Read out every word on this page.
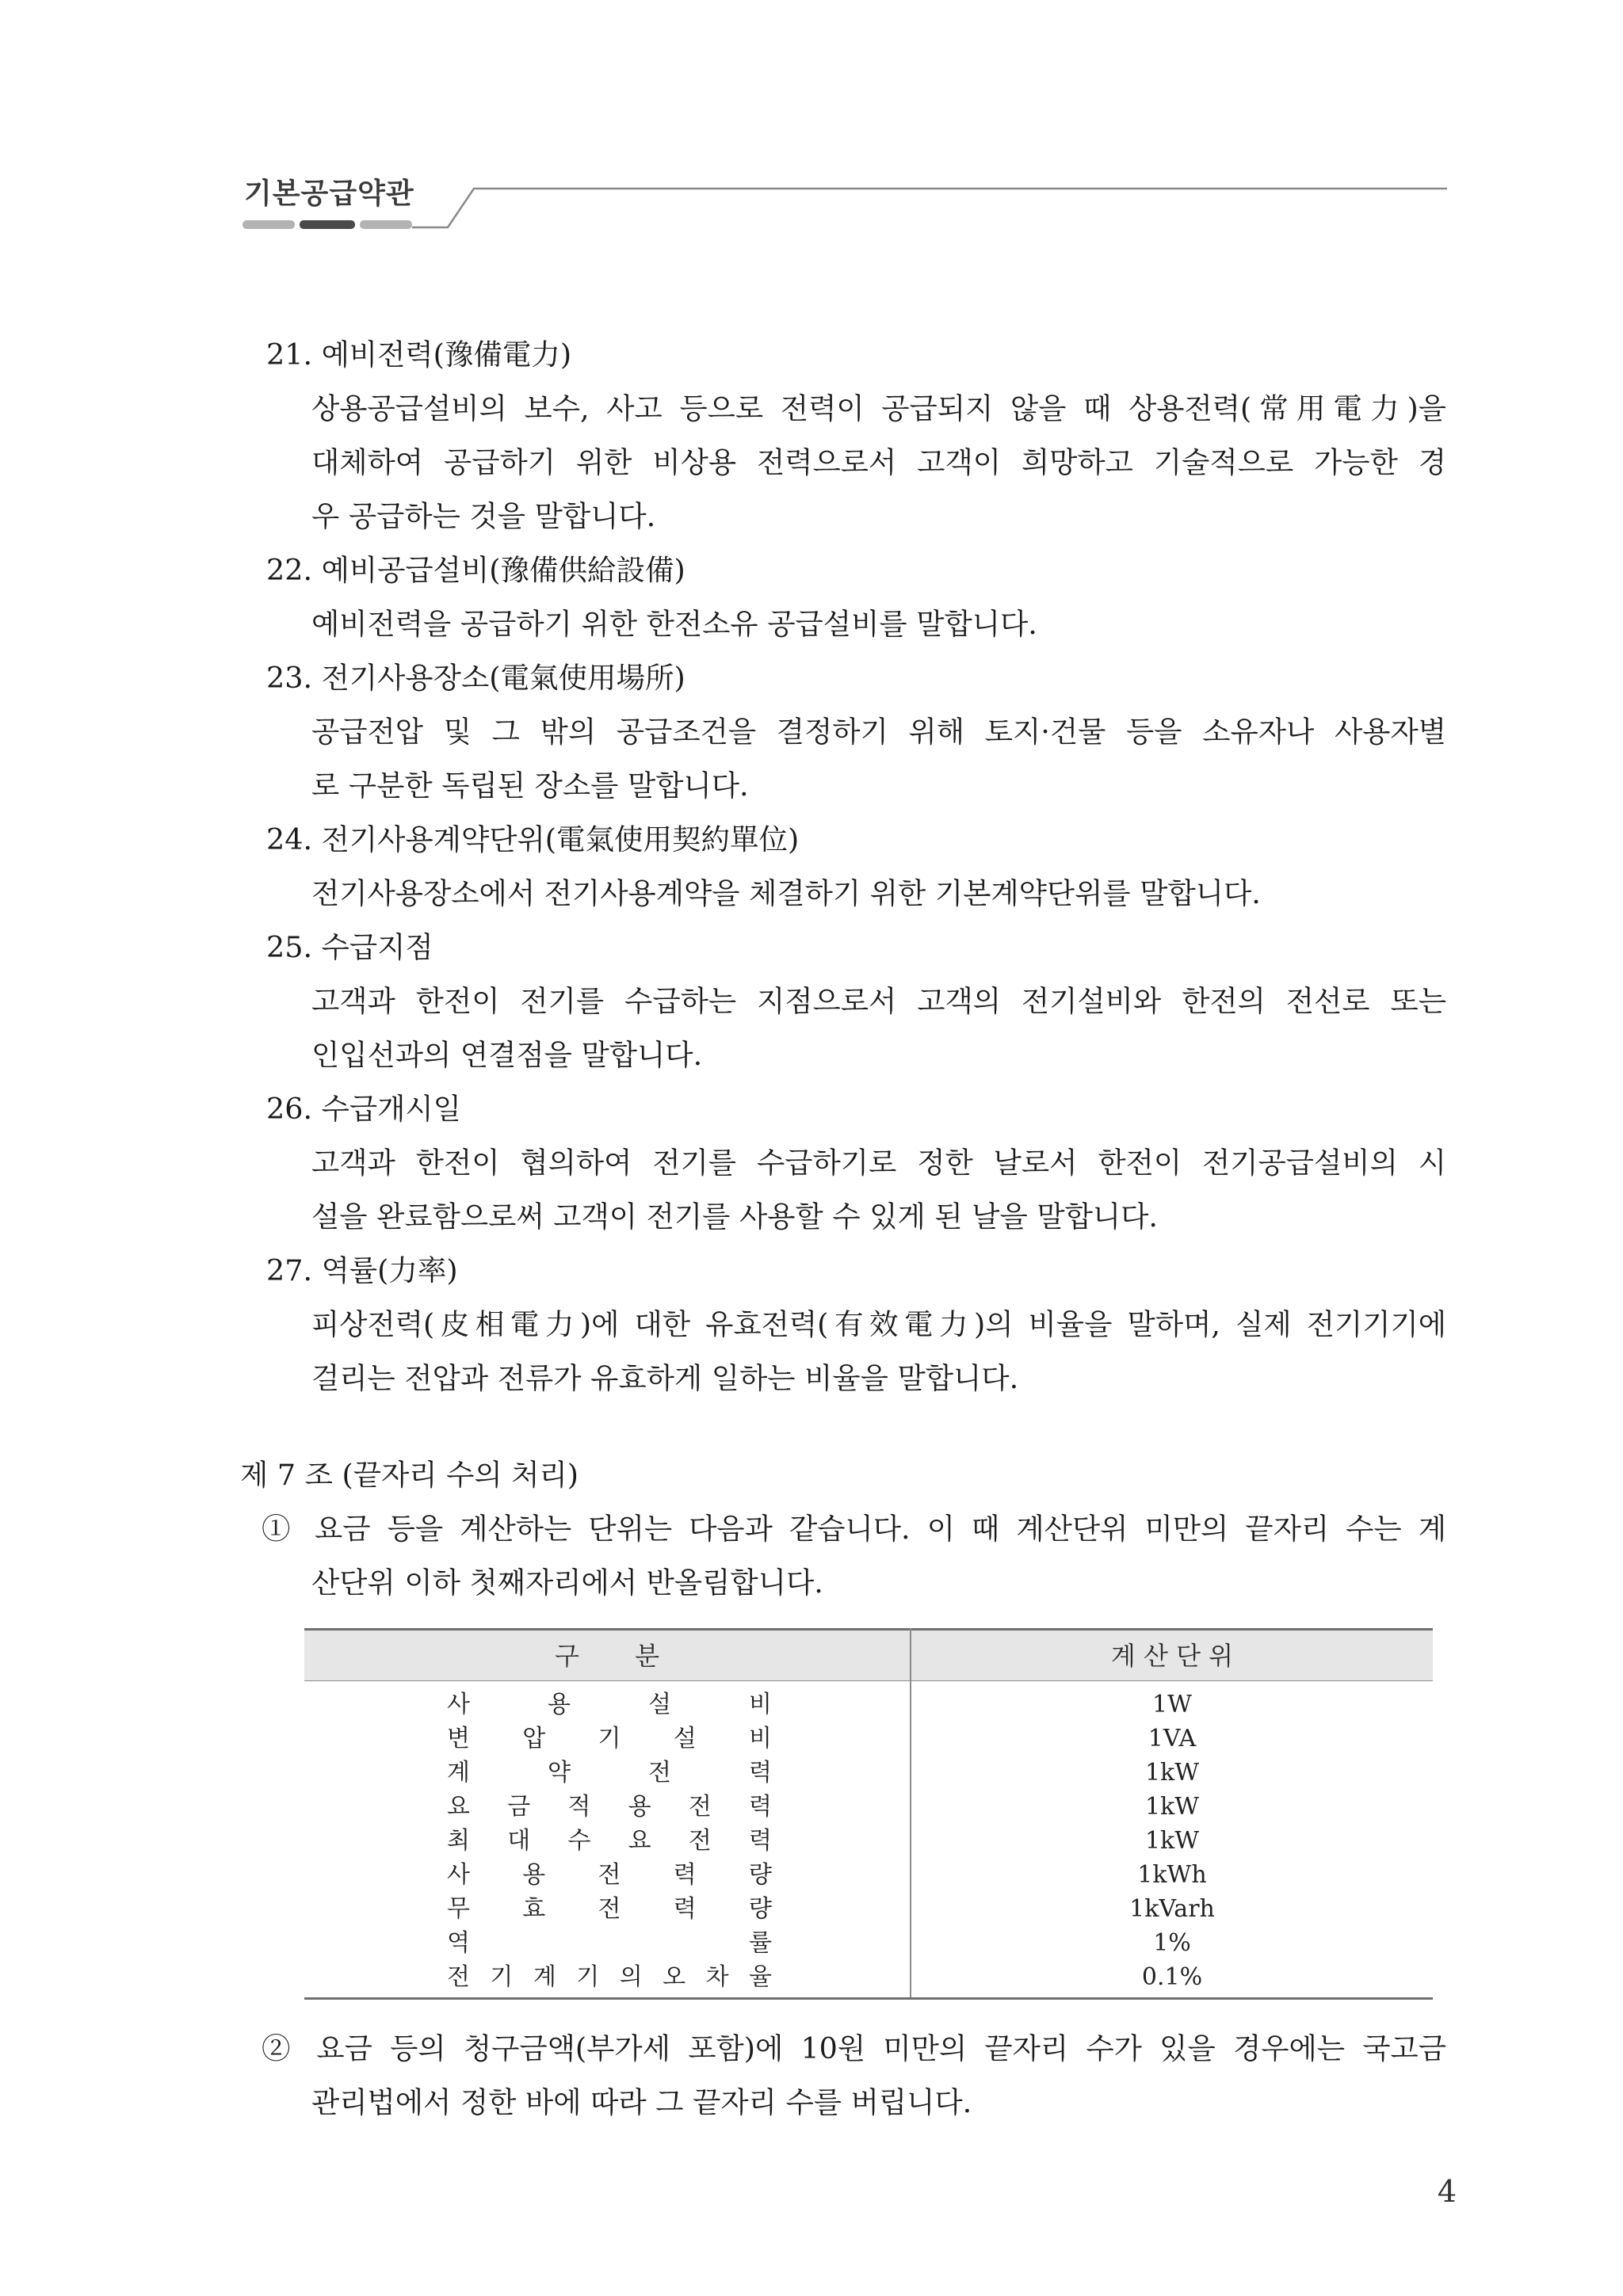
기본공급약관
21. 예비전력(豫備電力)
상용공급설비의 보수, 사고 등으로 전력이 공급되지 않을 때 상용전력(常用電力)을
대체하여 공급하기 위한 비상용 전력으로서 고객이 희망하고 기술적으로 가능한 경
우 공급하는 것을 말합니다.
22. 예비공급설비(豫備供給設備)
예비전력을 공급하기 위한 한전소유 공급설비를 말합니다.
23. 전기사용장소(電氣使用場所)
공급전압 및 그 밖의 공급조건을 결정하기 위해 토지·건물 등을 소유자나 사용자별
로 구분한 독립된 장소를 말합니다.
24. 전기사용계약단위(電氣使用契約單位)
전기사용장소에서 전기사용계약을 체결하기 위한 기본계약단위를 말합니다.
25. 수급지점
고객과 한전이 전기를 수급하는 지점으로서 고객의 전기설비와 한전의 전선로 또는
인입선과의 연결점을 말합니다.
26. 수급개시일
고객과 한전이 협의하여 전기를 수급하기로 정한 날로서 한전이 전기공급설비의 시
설을 완료함으로써 고객이 전기를 사용할 수 있게 된 날을 말합니다.
27. 역률(力率)
피상전력(皮相電力)에 대한 유효전력(有效電力)의 비율을 말하며, 실제 전기기기에
걸리는 전압과 전류가 유효하게 일하는 비율을 말합니다.
제 7 조 (끝자리 수의 처리)
① 요금 등을 계산하는 단위는 다음과 같습니다. 이 때 계산단위 미만의 끝자리 수는 계
산단위 이하 첫째자리에서 반올림합니다.
구 분	계 산 단 위
사 용 설 비	1W
변 압 기 설 비	1VA
계 약 전 력	1kW
요 금 적 용 전 력	1kW
최 대 수 요 전 력	1kW
사 용 전 력 량	1kWh
무 효 전 력 량	1kVarh
역 률	1%
전 기 계 기 의 오 차 율	0.1%
② 요금 등의 청구금액(부가세 포함)에 10원 미만의 끝자리 수가 있을 경우에는 국고금
관리법에서 정한 바에 따라 그 끝자리 수를 버립니다.
4
